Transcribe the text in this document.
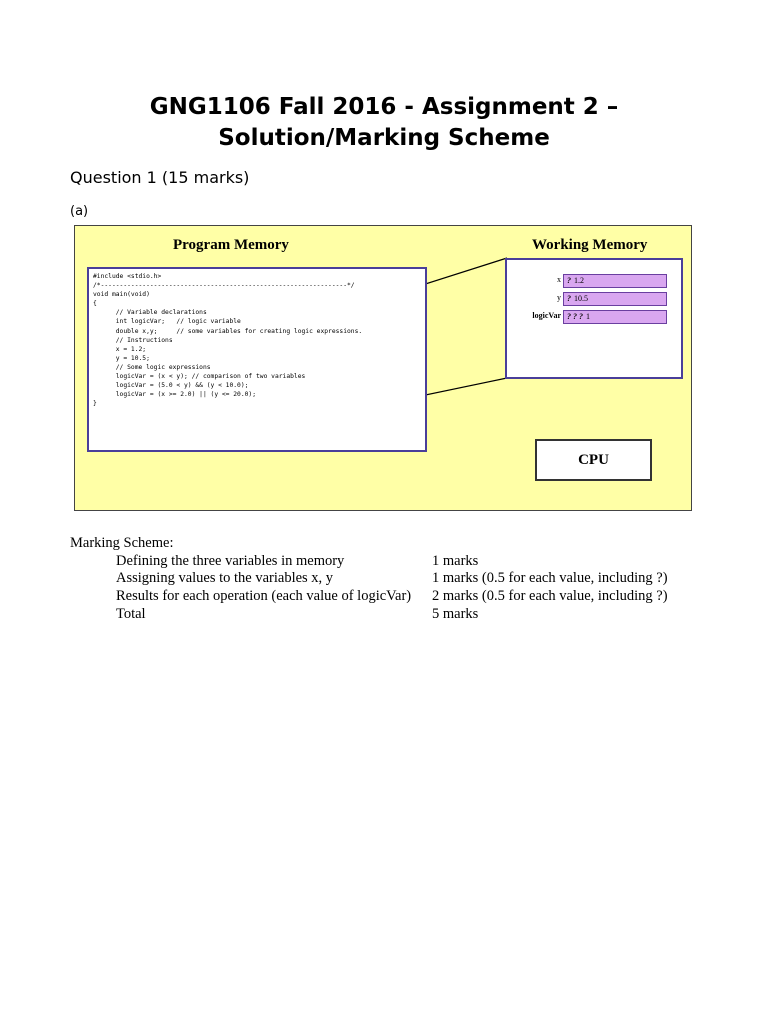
GNG1106 Fall 2016 - Assignment 2 –
Solution/Marking Scheme
Question 1 (15 marks)
(a)
Program Memory	Working Memory
#include <stdio.h>
/*-----------------------------------------------------------------*/
void main(void)
{
// Variable declarations
int logicVar;   // logic variable
double x,y;     // some variables for creating logic expressions.
// Instructions
x = 1.2;
y = 10.5;
// Some logic expressions
logicVar = (x < y); // comparison of two variables
logicVar = (5.0 < y) && (y < 10.0);
logicVar = (x >= 2.0) || (y <= 20.0);
}
x ? 1.2
y ? 10.5
logicVar ? ? ? 1
CPU
Marking Scheme:
Defining the three variables in memory	1 marks
Assigning values to the variables x, y	1 marks (0.5 for each value, including ?)
Results for each operation (each value of logicVar) 2 marks (0.5 for each value, including ?)
Total	5 marks
